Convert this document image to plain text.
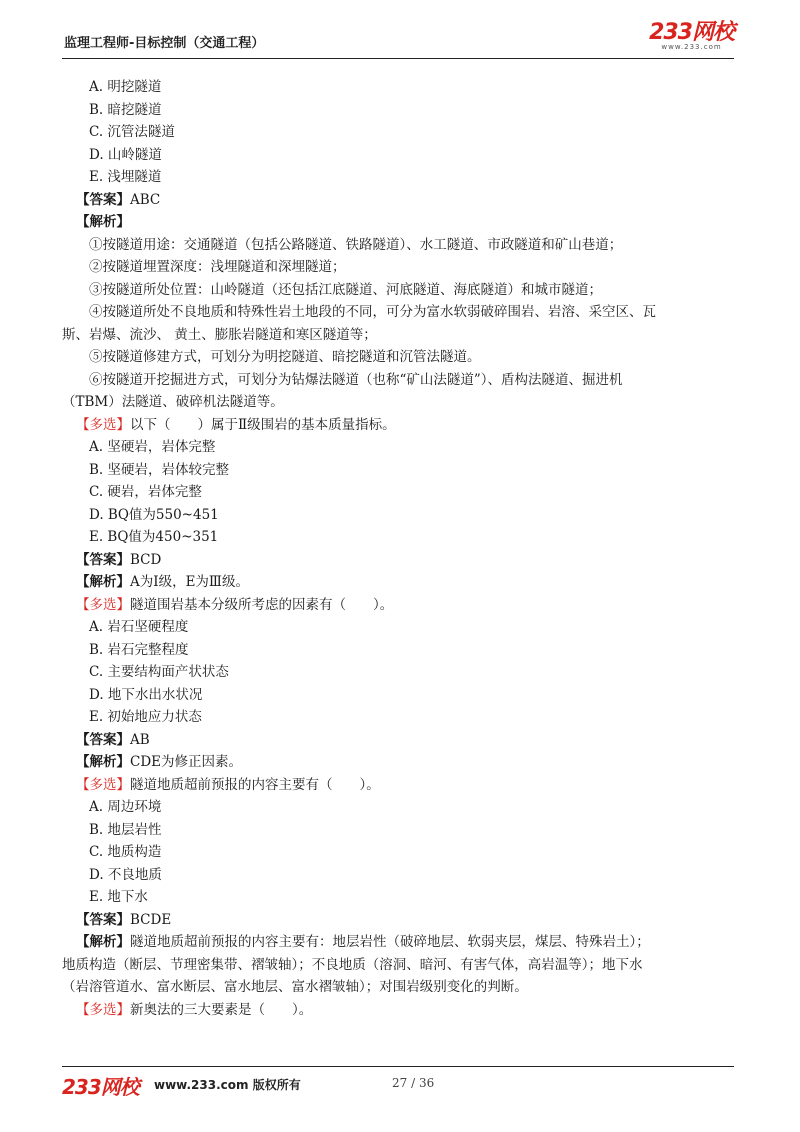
监理工程师-目标控制（交通工程）	233网校
www.233.com
A. 明挖隧道
B. 暗挖隧道
C. 沉管法隧道
D. 山岭隧道
E. 浅埋隧道
【答案】ABC
【解析】
①按隧道用途：交通隧道（包括公路隧道、铁路隧道）、水工隧道、市政隧道和矿山巷道；
②按隧道埋置深度：浅埋隧道和深埋隧道；
③按隧道所处位置：山岭隧道（还包括江底隧道、河底隧道、海底隧道）和城市隧道；
④按隧道所处不良地质和特殊性岩土地段的不同，可分为富水软弱破碎围岩、岩溶、采空区、瓦
斯、岩爆、流沙、 黄土、膨胀岩隧道和寒区隧道等；
⑤按隧道修建方式，可划分为明挖隧道、暗挖隧道和沉管法隧道。
⑥按隧道开挖掘进方式，可划分为钻爆法隧道（也称“矿山法隧道”）、盾构法隧道、掘进机
（TBM）法隧道、破碎机法隧道等。
【多选】以下（　　）属于Ⅱ级围岩的基本质量指标。
A. 坚硬岩，岩体完整
B. 坚硬岩，岩体较完整
C. 硬岩，岩体完整
D. BQ值为550~451
E. BQ值为450~351
【答案】BCD
【解析】A为Ⅰ级，E为Ⅲ级。
【多选】隧道围岩基本分级所考虑的因素有（　　）。
A. 岩石坚硬程度
B. 岩石完整程度
C. 主要结构面产状状态
D. 地下水出水状况
E. 初始地应力状态
【答案】AB
【解析】CDE为修正因素。
【多选】隧道地质超前预报的内容主要有（　　）。
A. 周边环境
B. 地层岩性
C. 地质构造
D. 不良地质
E. 地下水
【答案】BCDE
【解析】隧道地质超前预报的内容主要有：地层岩性（破碎地层、软弱夹层，煤层、特殊岩土）；
地质构造（断层、节理密集带、褶皱轴）；不良地质（溶洞、暗河、有害气体，高岩温等）；地下水
（岩溶管道水、富水断层、富水地层、富水褶皱轴）；对围岩级别变化的判断。
【多选】新奥法的三大要素是（　　）。
233网校 www.233.com 版权所有	27 / 36
